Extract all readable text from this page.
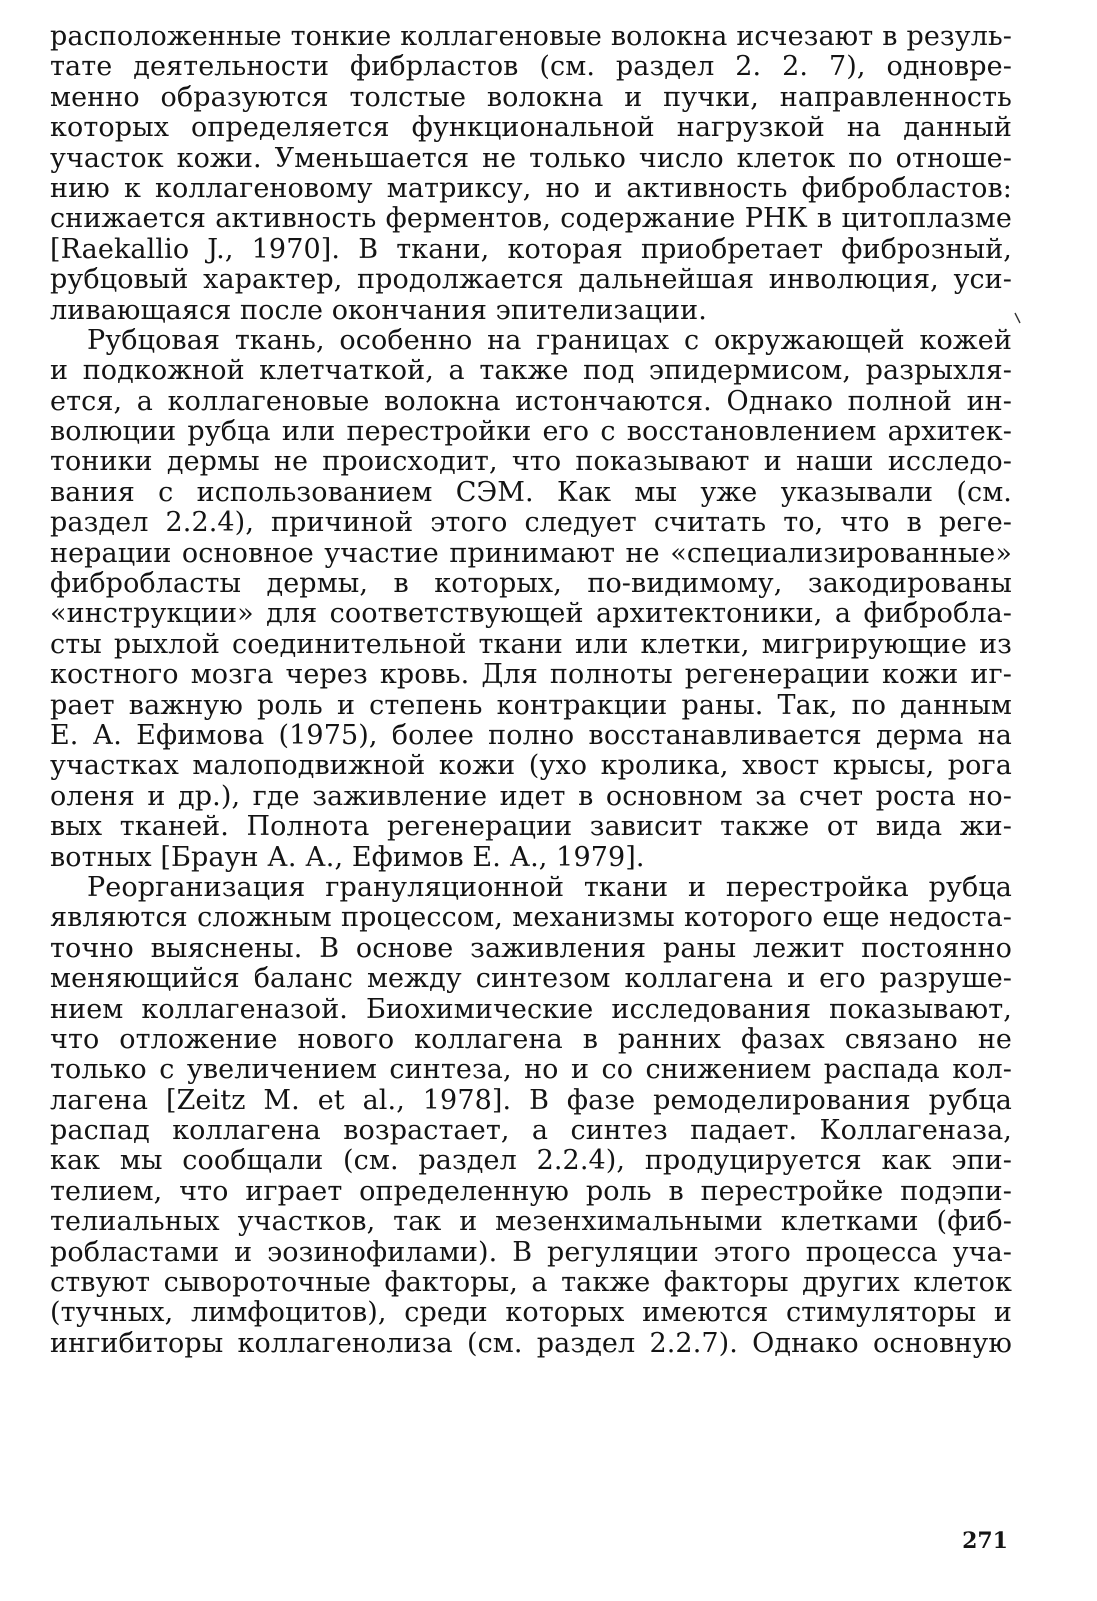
расположенные тонкие коллагеновые волокна исчезают в резуль-
тате деятельности фибрластов (см. раздел 2. 2. 7), одновре-
менно образуются толстые волокна и пучки, направленность
которых определяется функциональной нагрузкой на данный
участок кожи. Уменьшается не только число клеток по отноше-
нию к коллагеновому матриксу, но и активность фибробластов:
снижается активность ферментов, содержание РНК в цитоплазме
[Raekallio J., 1970]. В ткани, которая приобретает фиброзный,
рубцовый характер, продолжается дальнейшая инволюция, уси-
ливающаяся после окончания эпителизации.
Рубцовая ткань, особенно на границах с окружающей кожей
и подкожной клетчаткой, а также под эпидермисом, разрыхля-
ется, а коллагеновые волокна истончаются. Однако полной ин-
волюции рубца или перестройки его с восстановлением архитек-
тоники дермы не происходит, что показывают и наши исследо-
вания с использованием СЭМ. Как мы уже указывали (см.
раздел 2.2.4), причиной этого следует считать то, что в реге-
нерации основное участие принимают не «специализированные»
фибробласты дермы, в которых, по-видимому, закодированы
«инструкции» для соответствующей архитектоники, а фибробла-
сты рыхлой соединительной ткани или клетки, мигрирующие из
костного мозга через кровь. Для полноты регенерации кожи иг-
рает важную роль и степень контракции раны. Так, по данным
Е. А. Ефимова (1975), более полно восстанавливается дерма на
участках малоподвижной кожи (ухо кролика, хвост крысы, рога
оленя и др.), где заживление идет в основном за счет роста но-
вых тканей. Полнота регенерации зависит также от вида жи-
вотных [Браун А. А., Ефимов Е. А., 1979].
Реорганизация грануляционной ткани и перестройка рубца
являются сложным процессом, механизмы которого еще недоста-
точно выяснены. В основе заживления раны лежит постоянно
меняющийся баланс между синтезом коллагена и его разруше-
нием коллагеназой. Биохимические исследования показывают,
что отложение нового коллагена в ранних фазах связано не
только с увеличением синтеза, но и со снижением распада кол-
лагена [Zeitz M. et al., 1978]. В фазе ремоделирования рубца
распад коллагена возрастает, а синтез падает. Коллагеназа,
как мы сообщали (см. раздел 2.2.4), продуцируется как эпи-
телием, что играет определенную роль в перестройке подэпи-
телиальных участков, так и мезенхимальными клетками (фиб-
робластами и эозинофилами). В регуляции этого процесса уча-
ствуют сывороточные факторы, а также факторы других клеток
(тучных, лимфоцитов), среди которых имеются стимуляторы и
ингибиторы коллагенолиза (см. раздел 2.2.7). Однако основную
271
